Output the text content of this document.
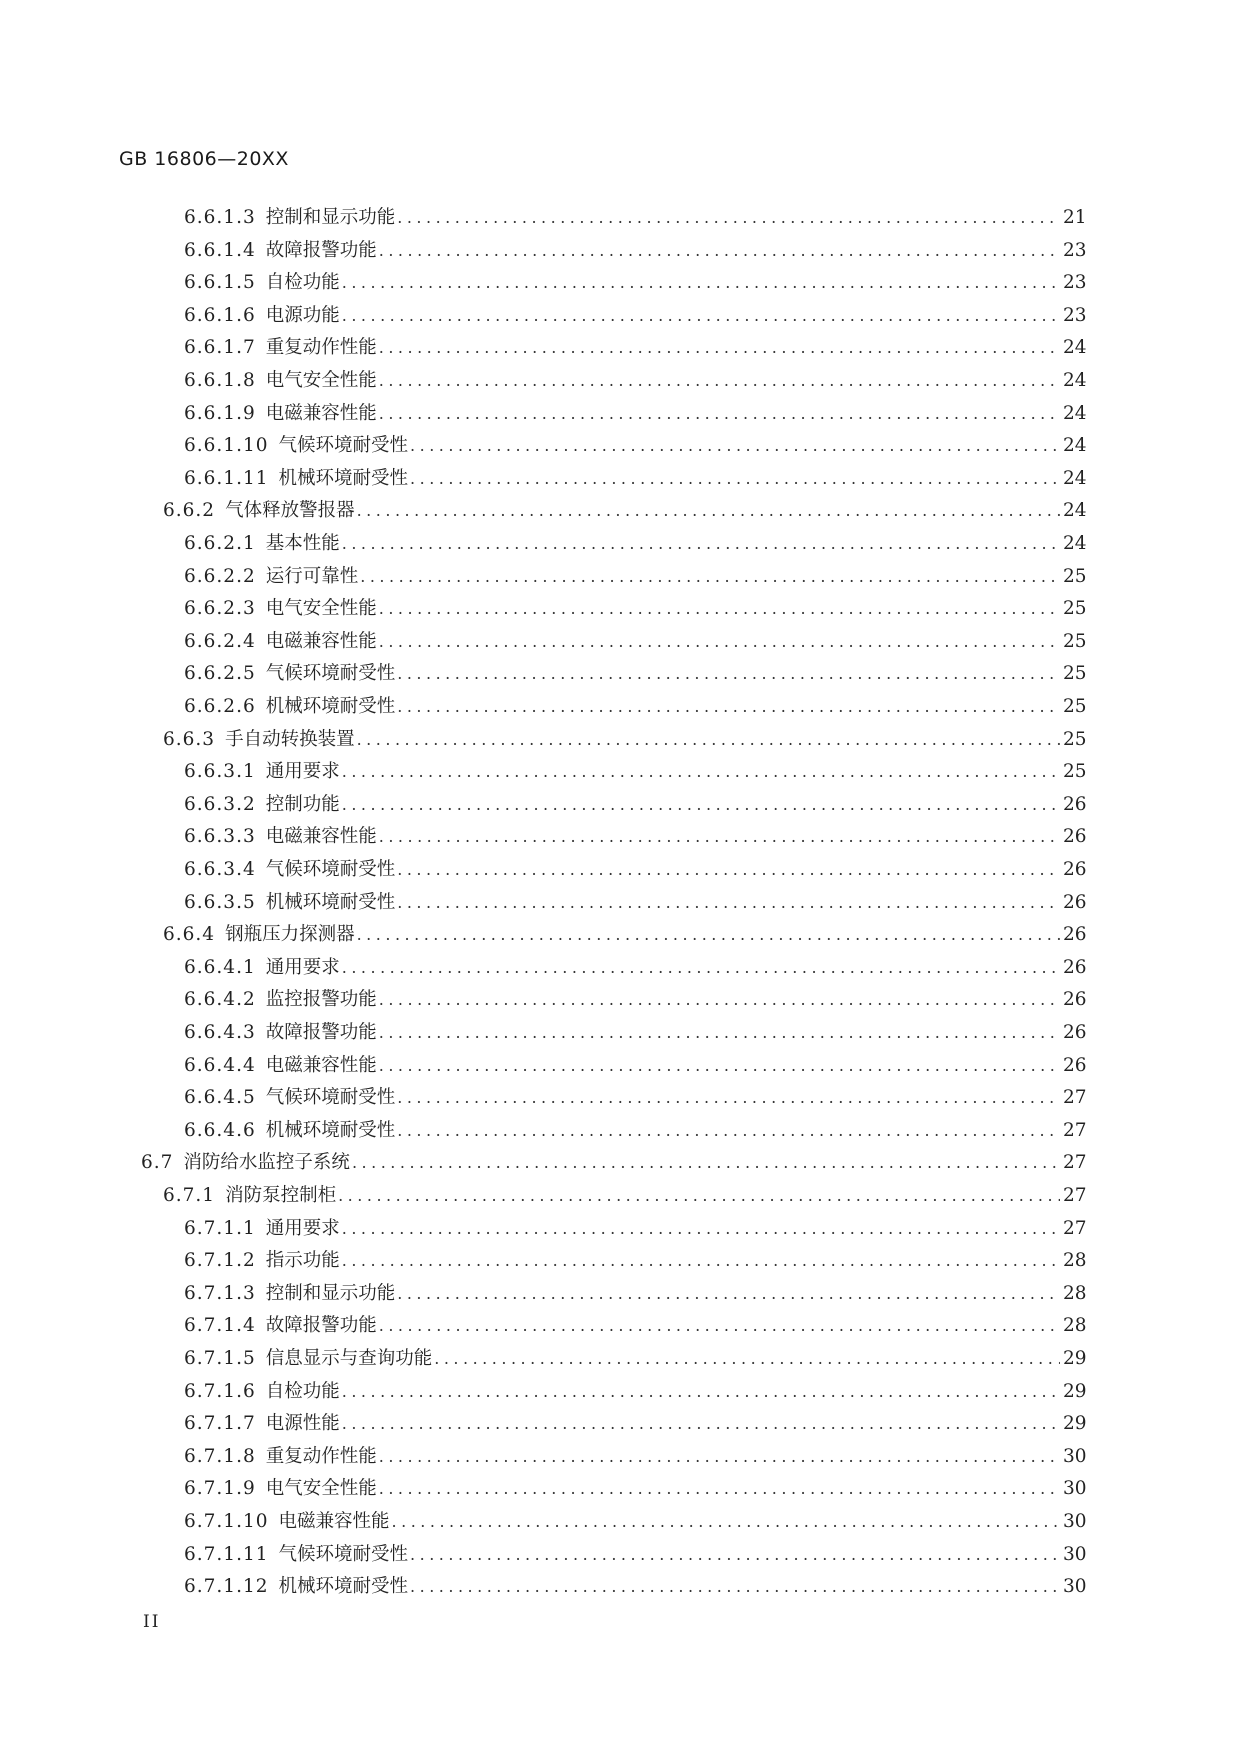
GB 16806—20XX
6.6.1.3 控制和显示功能 .....	21
6.6.1.4 故障报警功能 .....	23
6.6.1.5 自检功能 .....	23
6.6.1.6 电源功能 .....	23
6.6.1.7 重复动作性能 .....	24
6.6.1.8 电气安全性能 .....	24
6.6.1.9 电磁兼容性能 .....	24
6.6.1.10 气候环境耐受性 .....	24
6.6.1.11 机械环境耐受性 .....	24
6.6.2 气体释放警报器 .....	24
6.6.2.1 基本性能 .....	24
6.6.2.2 运行可靠性 .....	25
6.6.2.3 电气安全性能 .....	25
6.6.2.4 电磁兼容性能 .....	25
6.6.2.5 气候环境耐受性 .....	25
6.6.2.6 机械环境耐受性 .....	25
6.6.3 手自动转换装置 .....	25
6.6.3.1 通用要求 .....	25
6.6.3.2 控制功能 .....	26
6.6.3.3 电磁兼容性能 .....	26
6.6.3.4 气候环境耐受性 .....	26
6.6.3.5 机械环境耐受性 .....	26
6.6.4 钢瓶压力探测器 .....	26
6.6.4.1 通用要求 .....	26
6.6.4.2 监控报警功能 .....	26
6.6.4.3 故障报警功能 .....	26
6.6.4.4 电磁兼容性能 .....	26
6.6.4.5 气候环境耐受性 .....	27
6.6.4.6 机械环境耐受性 .....	27
6.7 消防给水监控子系统 .....	27
6.7.1 消防泵控制柜 .....	27
6.7.1.1 通用要求 .....	27
6.7.1.2 指示功能 .....	28
6.7.1.3 控制和显示功能 .....	28
6.7.1.4 故障报警功能 .....	28
6.7.1.5 信息显示与查询功能 .....	29
6.7.1.6 自检功能 .....	29
6.7.1.7 电源性能 .....	29
6.7.1.8 重复动作性能 .....	30
6.7.1.9 电气安全性能 .....	30
6.7.1.10 电磁兼容性能 .....	30
6.7.1.11 气候环境耐受性 .....	30
6.7.1.12 机械环境耐受性 .....	30
II
